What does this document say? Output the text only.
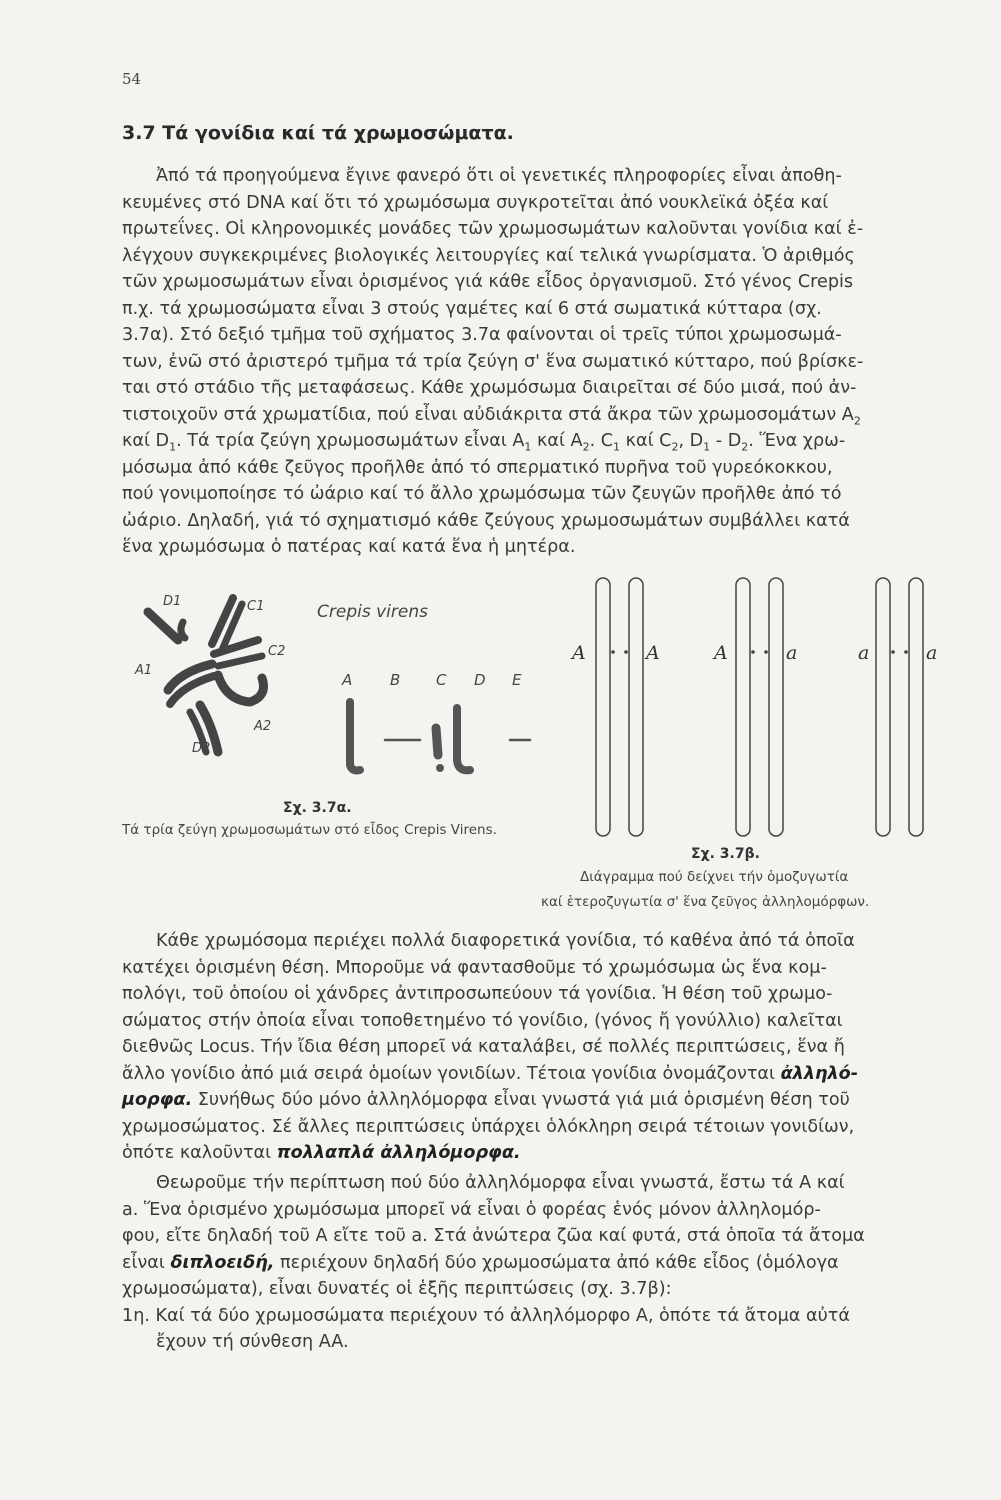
54
3.7 Τά γονίδια καί τά χρωμοσώματα.
Ἀπό τά προηγούμενα ἔγινε φανερό ὅτι οἱ γενετικές πληροφορίες εἶναι ἀποθη-
κευμένες στό DNA καί ὅτι τό χρωμόσωμα συγκροτεῖται ἀπό νουκλεϊκά ὀξέα καί
πρωτεΐνες. Οἱ κληρονομικές μονάδες τῶν χρωμοσωμάτων καλοῦνται γονίδια καί ἐ-
λέγχουν συγκεκριμένες βιολογικές λειτουργίες καί τελικά γνωρίσματα. Ὁ ἀριθμός
τῶν χρωμοσωμάτων εἶναι ὁρισμένος γιά κάθε εἶδος ὀργανισμοῦ. Στό γένος Crepis
π.χ. τά χρωμοσώματα εἶναι 3 στούς γαμέτες καί 6 στά σωματικά κύτταρα (σχ.
3.7α). Στό δεξιό τμῆμα τοῦ σχήματος 3.7α φαίνονται οἱ τρεῖς τύποι χρωμοσωμά-
των, ἐνῶ στό ἀριστερό τμῆμα τά τρία ζεύγη σ' ἕνα σωματικό κύτταρο, πού βρίσκε-
ται στό στάδιο τῆς μεταφάσεως. Κάθε χρωμόσωμα διαιρεῖται σέ δύο μισά, πού ἀν-
τιστοιχοῦν στά χρωματίδια, πού εἶναι αὐδιάκριτα στά ἄκρα τῶν χρωμοσομάτων $A_2$
καί $D_1$. Τά τρία ζεύγη χρωμοσωμάτων εἶναι $A_1$ καί $A_2$. $C_1$ καί $C_2$, $D_1 - D_2$. Ἕνα χρω-
μόσωμα ἀπό κάθε ζεῦγος προῆλθε ἀπό τό σπερματικό πυρῆνα τοῦ γυρεόκοκκου,
πού γονιμοποίησε τό ὠάριο καί τό ἄλλο χρωμόσωμα τῶν ζευγῶν προῆλθε ἀπό τό
ὠάριο. Δηλαδή, γιά τό σχηματισμό κάθε ζεύγους χρωμοσωμάτων συμβάλλει κατά
ἕνα χρωμόσωμα ὁ πατέρας καί κατά ἕνα ἡ μητέρα.
D1	C1
C2
A1
A2
D2
Crepis virens
A	B C D E
A	A	A	a	a	a
Σχ. 3.7α.
Τά τρία ζεύγη χρωμοσωμάτων στό εἶδος Crepis Virens.
Σχ. 3.7β.
Διάγραμμα πού δείχνει τήν ὁμοζυγωτία
καί ἑτεροζυγωτία σ' ἕνα ζεῦγος ἀλληλομόρφων.
Κάθε χρωμόσομα περιέχει πολλά διαφορετικά γονίδια, τό καθένα ἀπό τά ὁποῖα
κατέχει ὁρισμένη θέση. Μποροῦμε νά φαντασθοῦμε τό χρωμόσωμα ὡς ἕνα κομ-
πολόγι, τοῦ ὁποίου οἱ χάνδρες ἀντιπροσωπεύουν τά γονίδια. Ἡ θέση τοῦ χρωμο-
σώματος στήν ὁποία εἶναι τοποθετημένο τό γονίδιο, (γόνος ἤ γονύλλιο) καλεῖται
διεθνῶς Locus. Τήν ἴδια θέση μπορεῖ νά καταλάβει, σέ πολλές περιπτώσεις, ἕνα ἤ
ἄλλο γονίδιο ἀπό μιά σειρά ὁμοίων γονιδίων. Τέτοια γονίδια ὀνομάζονται ἀλληλό-
μορφα. Συνήθως δύο μόνο ἀλληλόμορφα εἶναι γνωστά γιά μιά ὁρισμένη θέση τοῦ
χρωμοσώματος. Σέ ἄλλες περιπτώσεις ὑπάρχει ὁλόκληρη σειρά τέτοιων γονιδίων,
ὁπότε καλοῦνται πολλαπλά ἀλληλόμορφα.
Θεωροῦμε τήν περίπτωση πού δύο ἀλληλόμορφα εἶναι γνωστά, ἔστω τά A καί
a. Ἕνα ὁρισμένο χρωμόσωμα μπορεῖ νά εἶναι ὁ φορέας ἑνός μόνον ἀλληλομόρ-
φου, εἴτε δηλαδή τοῦ A εἴτε τοῦ a. Στά ἀνώτερα ζῶα καί φυτά, στά ὁποῖα τά ἄτομα
εἶναι διπλοειδή, περιέχουν δηλαδή δύο χρωμοσώματα ἀπό κάθε εἶδος (ὁμόλογα
χρωμοσώματα), εἶναι δυνατές οἱ ἑξῆς περιπτώσεις (σχ. 3.7β):
1η. Καί τά δύο χρωμοσώματα περιέχουν τό ἀλληλόμορφο A, ὁπότε τά ἄτομα αὐτά
ἔχουν τή σύνθεση AA.
